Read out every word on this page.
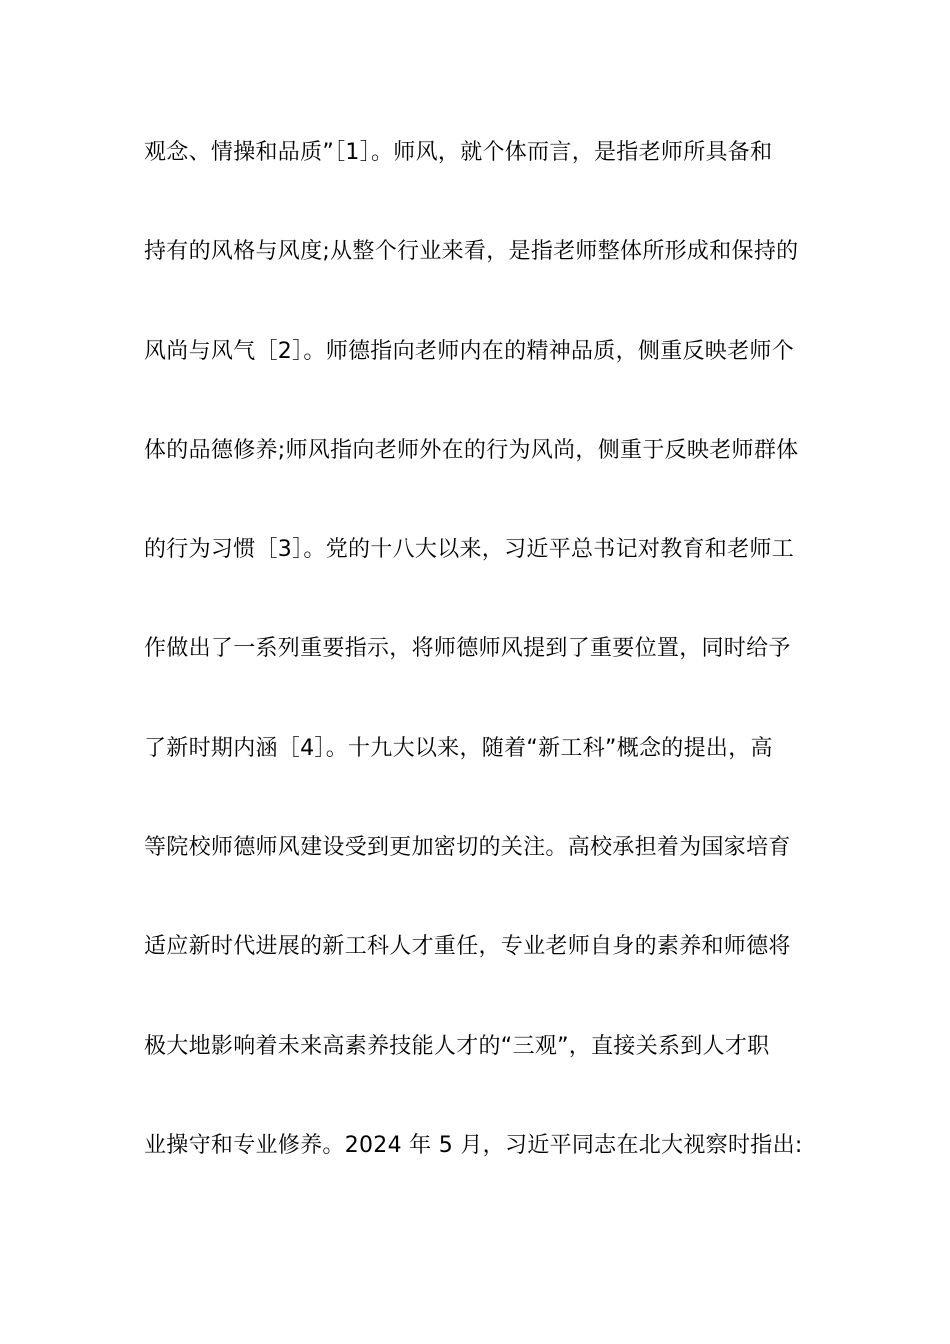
观念、情操和品质”［1］。师风，就个体而言，是指老师所具备和
持有的风格与风度;从整个行业来看，是指老师整体所形成和保持的
风尚与风气［2］。师德指向老师内在的精神品质，侧重反映老师个
体的品德修养;师风指向老师外在的行为风尚，侧重于反映老师群体
的行为习惯［3］。党的十八大以来，习近平总书记对教育和老师工
作做出了一系列重要指示，将师德师风提到了重要位置，同时给予
了新时期内涵［4］。十九大以来，随着“新工科”概念的提出，高
等院校师德师风建设受到更加密切的关注。高校承担着为国家培育
适应新时代进展的新工科人才重任，专业老师自身的素养和师德将
极大地影响着未来高素养技能人才的“三观”，直接关系到人才职
业操守和专业修养。2024 年 5 月，习近平同志在北大视察时指出:
